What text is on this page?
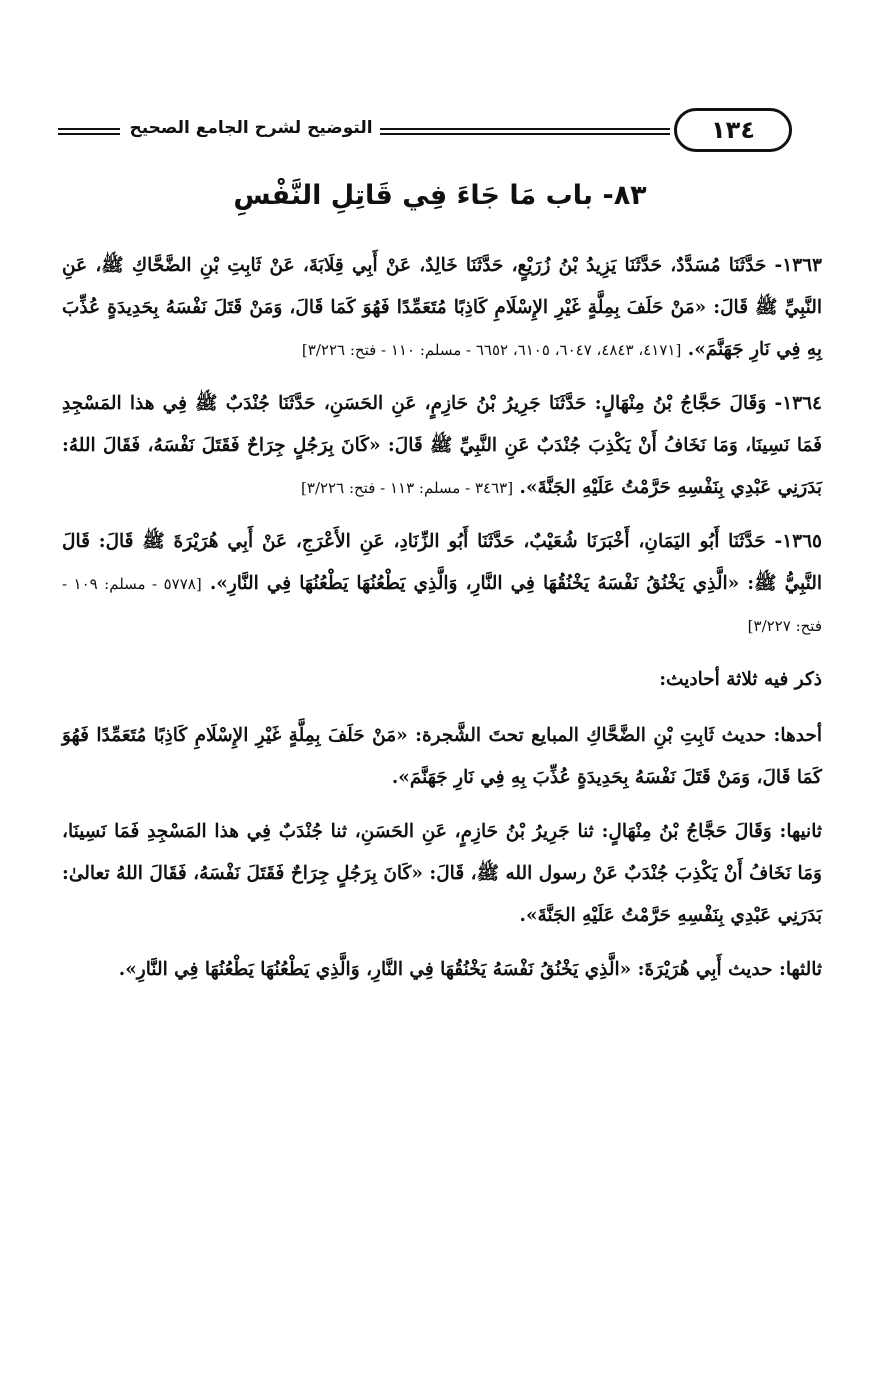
التوضيح لشرح الجامع الصحيح	١٣٤
٨٣- باب مَا جَاءَ فِي قَاتِلِ النَّفْسِ

١٣٦٣- حَدَّثَنَا مُسَدَّدٌ، حَدَّثَنَا يَزِيدُ بْنُ زُرَيْعٍ، حَدَّثَنَا خَالِدٌ، عَنْ أَبِي قِلَابَةَ، عَنْ ثَابِتِ بْنِ الضَّحَّاكِ ﷺ، عَنِ النَّبِيِّ ﷺ قَالَ: «مَنْ حَلَفَ بِمِلَّةٍ غَيْرِ الإِسْلَامِ كَاذِبًا مُتَعَمِّدًا فَهُوَ كَمَا قَالَ، وَمَنْ قَتَلَ نَفْسَهُ بِحَدِيدَةٍ عُذِّبَ بِهِ فِي نَارِ جَهَنَّمَ». [٤١٧١، ٤٨٤٣، ٦٠٤٧، ٦١٠٥، ٦٦٥٢ - مسلم: ١١٠ - فتح: ٣/٢٢٦]

١٣٦٤- وَقَالَ حَجَّاجُ بْنُ مِنْهَالٍ: حَدَّثَنَا جَرِيرُ بْنُ حَازِمٍ، عَنِ الحَسَنِ، حَدَّثَنَا جُنْدَبٌ ﷺ فِي هذا المَسْجِدِ فَمَا نَسِينَا، وَمَا نَخَافُ أَنْ يَكْذِبَ جُنْدَبٌ عَنِ النَّبِيِّ ﷺ قَالَ: «كَانَ بِرَجُلٍ جِرَاحٌ فَقَتَلَ نَفْسَهُ، فَقَالَ اللهُ: بَدَرَنِي عَبْدِي بِنَفْسِهِ حَرَّمْتُ عَلَيْهِ الجَنَّةَ». [٣٤٦٣ - مسلم: ١١٣ - فتح: ٣/٢٢٦]

١٣٦٥- حَدَّثَنَا أَبُو اليَمَانِ، أَخْبَرَنَا شُعَيْبٌ، حَدَّثَنَا أَبُو الزِّنَادِ، عَنِ الأَعْرَجِ، عَنْ أَبِي هُرَيْرَةَ ﷺ قَالَ: قَالَ النَّبِيُّ ﷺ: «الَّذِي يَخْنُقُ نَفْسَهُ يَخْنُقُهَا فِي النَّارِ، وَالَّذِي يَطْعُنُهَا يَطْعُنُهَا فِي النَّارِ». [٥٧٧٨ - مسلم: ١٠٩ - فتح: ٣/٢٢٧]

ذكر فيه ثلاثة أحاديث:

أحدها: حديث ثَابِتِ بْنِ الضَّحَّاكِ المبايع تحتَ الشَّجرة: «مَنْ حَلَفَ بِمِلَّةٍ غَيْرِ الإِسْلَامِ كَاذِبًا مُتَعَمِّدًا فَهُوَ كَمَا قَالَ، وَمَنْ قَتَلَ نَفْسَهُ بِحَدِيدَةٍ عُذِّبَ بِهِ فِي نَارِ جَهَنَّمَ».

ثانيها: وَقَالَ حَجَّاجُ بْنُ مِنْهَالٍ: ثنا جَرِيرُ بْنُ حَازِمٍ، عَنِ الحَسَنِ، ثنا جُنْدَبٌ فِي هذا المَسْجِدِ فَمَا نَسِينَا، وَمَا نَخَافُ أَنْ يَكْذِبَ جُنْدَبٌ عَنْ رسول الله ﷺ، قَالَ: «كَانَ بِرَجُلٍ جِرَاحٌ فَقَتَلَ نَفْسَهُ، فَقَالَ اللهُ تعالىٰ: بَدَرَنِي عَبْدِي بِنَفْسِهِ حَرَّمْتُ عَلَيْهِ الجَنَّةَ».

ثالثها: حديث أَبِي هُرَيْرَةَ: «الَّذِي يَخْنُقُ نَفْسَهُ يَخْنُقُهَا فِي النَّارِ، وَالَّذِي يَطْعُنُهَا يَطْعُنُهَا فِي النَّارِ».
